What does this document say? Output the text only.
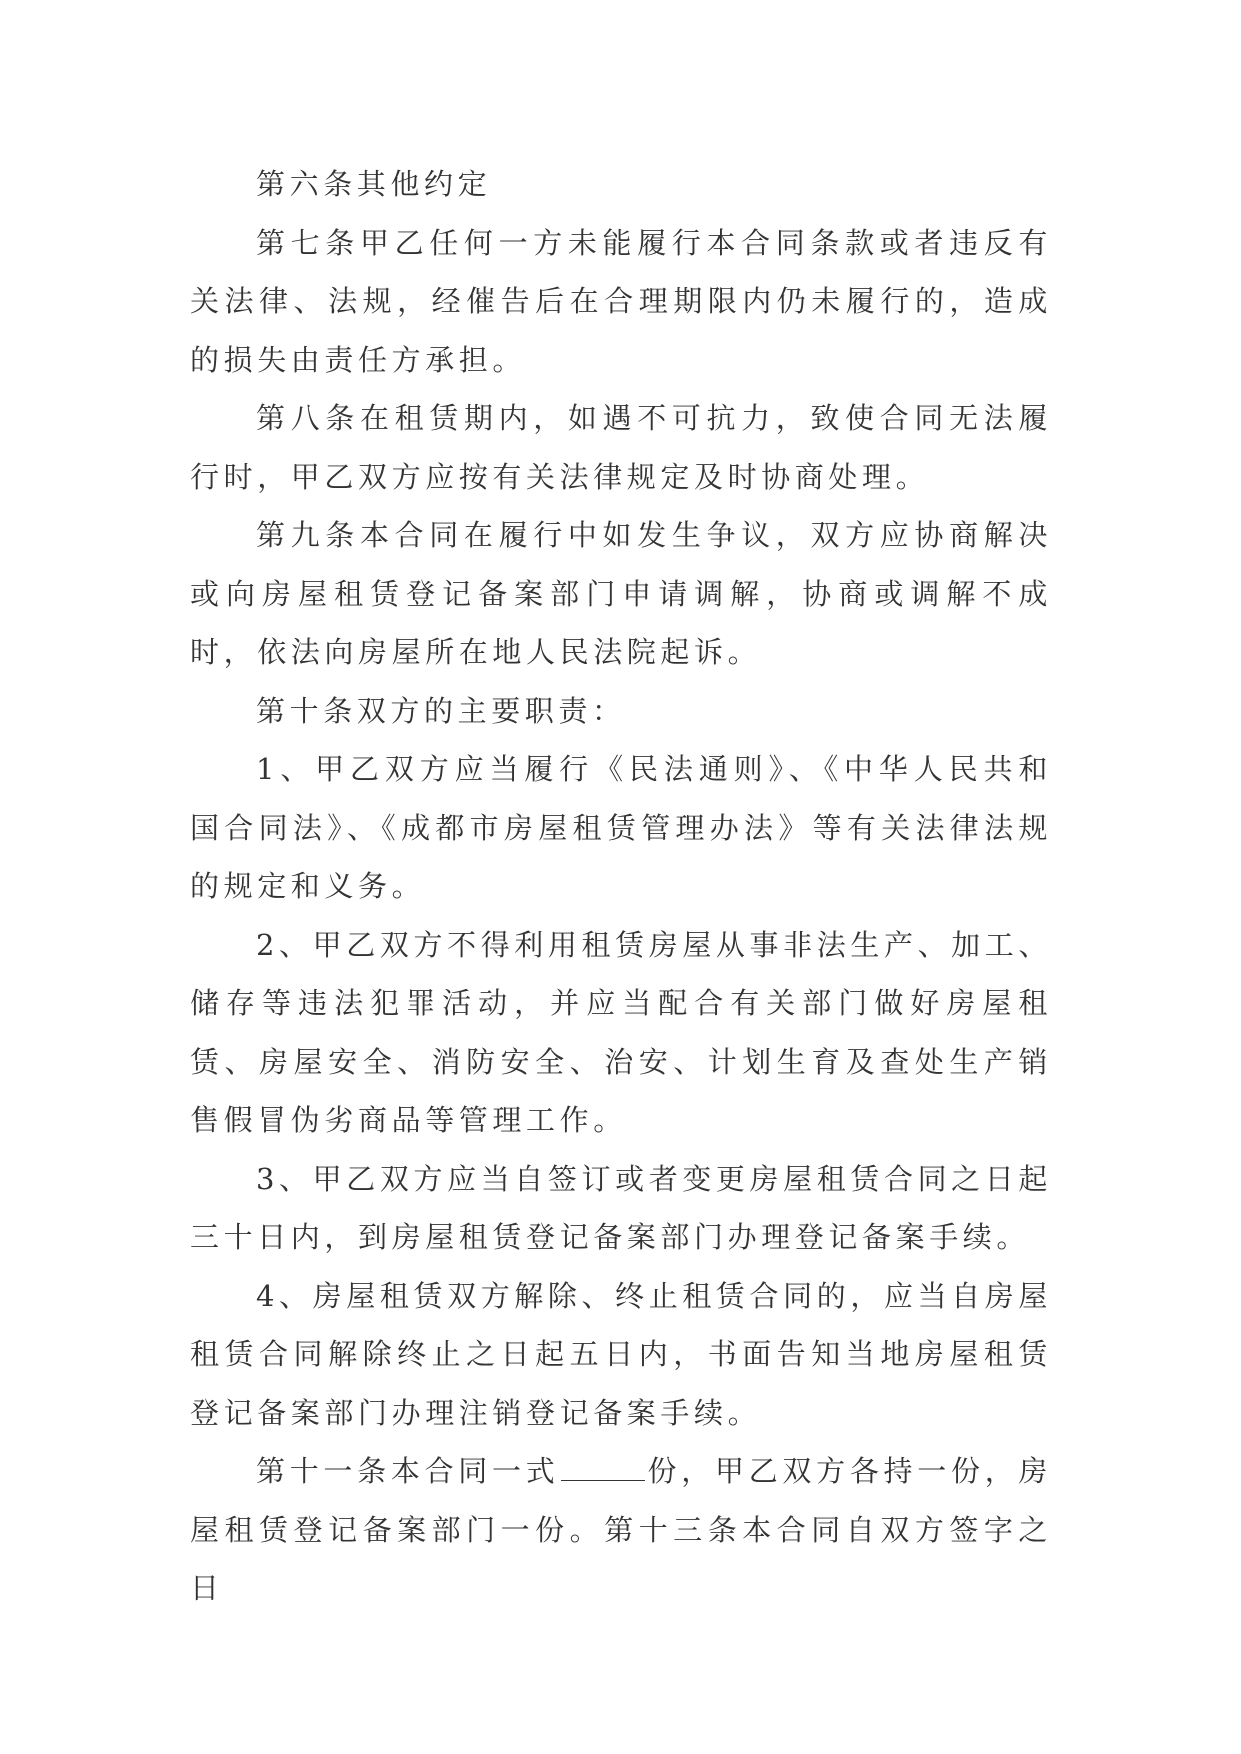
第六条其他约定

第七条甲乙任何一方未能履行本合同条款或者违反有关法律、法规，经催告后在合理期限内仍未履行的，造成的损失由责任方承担。

第八条在租赁期内，如遇不可抗力，致使合同无法履行时，甲乙双方应按有关法律规定及时协商处理。

第九条本合同在履行中如发生争议，双方应协商解决或向房屋租赁登记备案部门申请调解，协商或调解不成时，依法向房屋所在地人民法院起诉。

第十条双方的主要职责：

1、甲乙双方应当履行《民法通则》、《中华人民共和国合同法》、《成都市房屋租赁管理办法》等有关法律法规的规定和义务。

2、甲乙双方不得利用租赁房屋从事非法生产、加工、储存等违法犯罪活动，并应当配合有关部门做好房屋租赁、房屋安全、消防安全、治安、计划生育及查处生产销售假冒伪劣商品等管理工作。

3、甲乙双方应当自签订或者变更房屋租赁合同之日起三十日内，到房屋租赁登记备案部门办理登记备案手续。

4、房屋租赁双方解除、终止租赁合同的，应当自房屋租赁合同解除终止之日起五日内，书面告知当地房屋租赁登记备案部门办理注销登记备案手续。

第十一条本合同一式	份，甲乙双方各持一份，房屋租赁登记备案部门一份。第十三条本合同自双方签字之日
